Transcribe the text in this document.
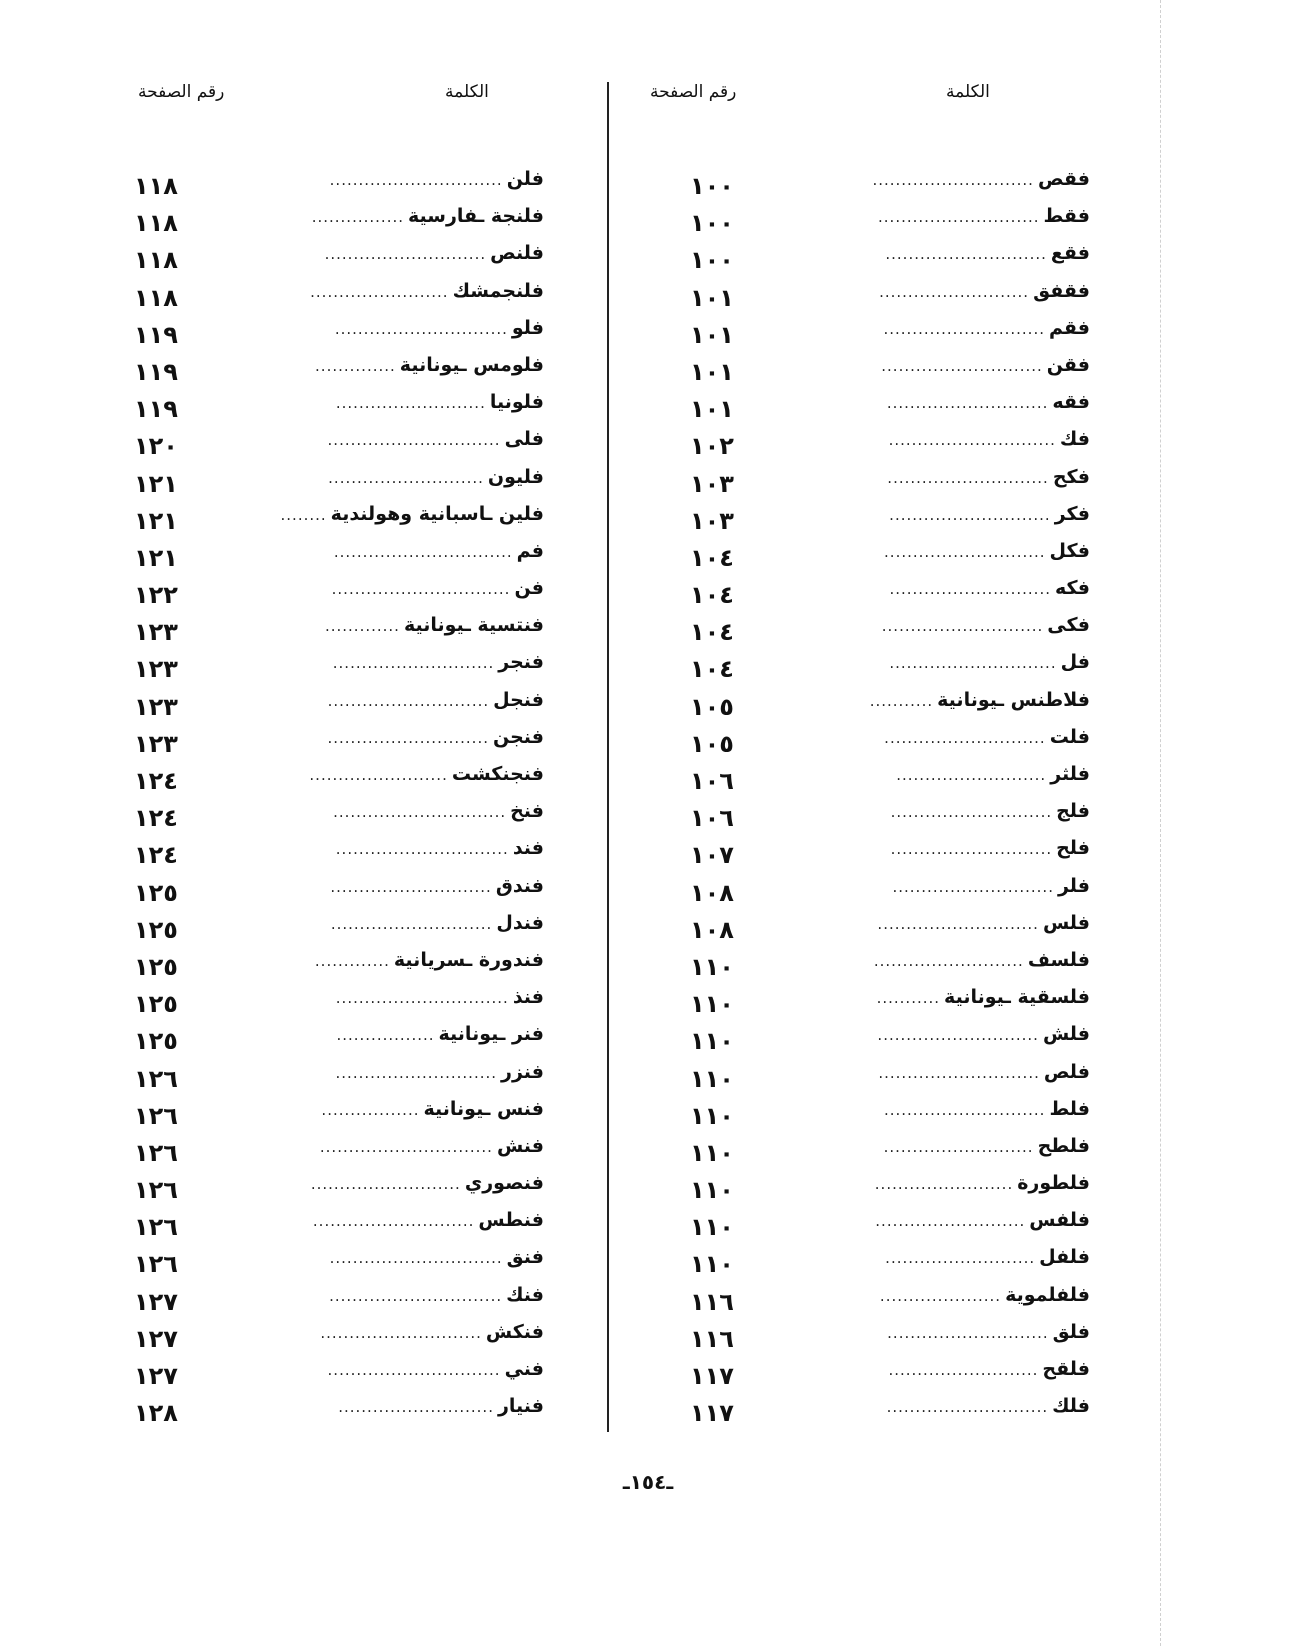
الكلمة
رقم الصفحة
الكلمة
رقم الصفحة
١٠٠	فقص
............................
١٠٠	فقط
............................
١٠٠	فقع
............................
١٠١	فقفق
..........................
١٠١	فقم
............................
١٠١	فقن
............................
١٠١	فقه
............................
١٠٢	فك
.............................
١٠٣	فكح
............................
١٠٣	فكر
............................
١٠٤	فكل
............................
١٠٤	فكه
............................
١٠٤	فكى
............................
١٠٤	فل
.............................
١٠٥	فلاطنس ـيونانية
...........
١٠٥	فلت
............................
١٠٦	فلثر
..........................
١٠٦	فلج
............................
١٠٧	فلح
............................
١٠٨	فلر
............................
١٠٨	فلس
............................
١١٠	فلسف
..........................
١١٠	فلسقية ـيونانية
...........
١١٠	فلش
............................
١١٠	فلص
............................
١١٠	فلط
............................
١١٠	فلطح
..........................
١١٠	فلطورة
........................
١١٠	فلفس
..........................
١١٠	فلفل
..........................
١١٦	فلفلموية
.....................
١١٦	فلق
............................
١١٧	فلقح
..........................
١١٧	فلك
............................
١١٨	فلن
..............................
١١٨	فلنجة ـفارسية
................
١١٨	فلنص
............................
١١٨	فلنجمشك
........................
١١٩	فلو
..............................
١١٩	فلومس ـيونانية
..............
١١٩	فلونيا
..........................
١٢٠	فلى
..............................
١٢١	فليون
...........................
١٢١	فلين ـاسبانية وهولندية
........
١٢١	فم
...............................
١٢٢	فن
...............................
١٢٣	فنتسية ـيونانية
.............
١٢٣	فنجر
............................
١٢٣	فنجل
............................
١٢٣	فنجن
............................
١٢٤	فنجنكشت
........................
١٢٤	فنخ
..............................
١٢٤	فند
..............................
١٢٥	فندق
............................
١٢٥	فندل
............................
١٢٥	فندورة ـسريانية
.............
١٢٥	فنذ
..............................
١٢٥	فنر ـيونانية
.................
١٢٦	فنزر
............................
١٢٦	فنس ـيونانية
.................
١٢٦	فنش
..............................
١٢٦	فنصوري
..........................
١٢٦	فنطس
............................
١٢٦	فنق
..............................
١٢٧	فنك
..............................
١٢٧	فنكش
............................
١٢٧	فني
..............................
١٢٨	فنيار
...........................
ـ١٥٤ـ
